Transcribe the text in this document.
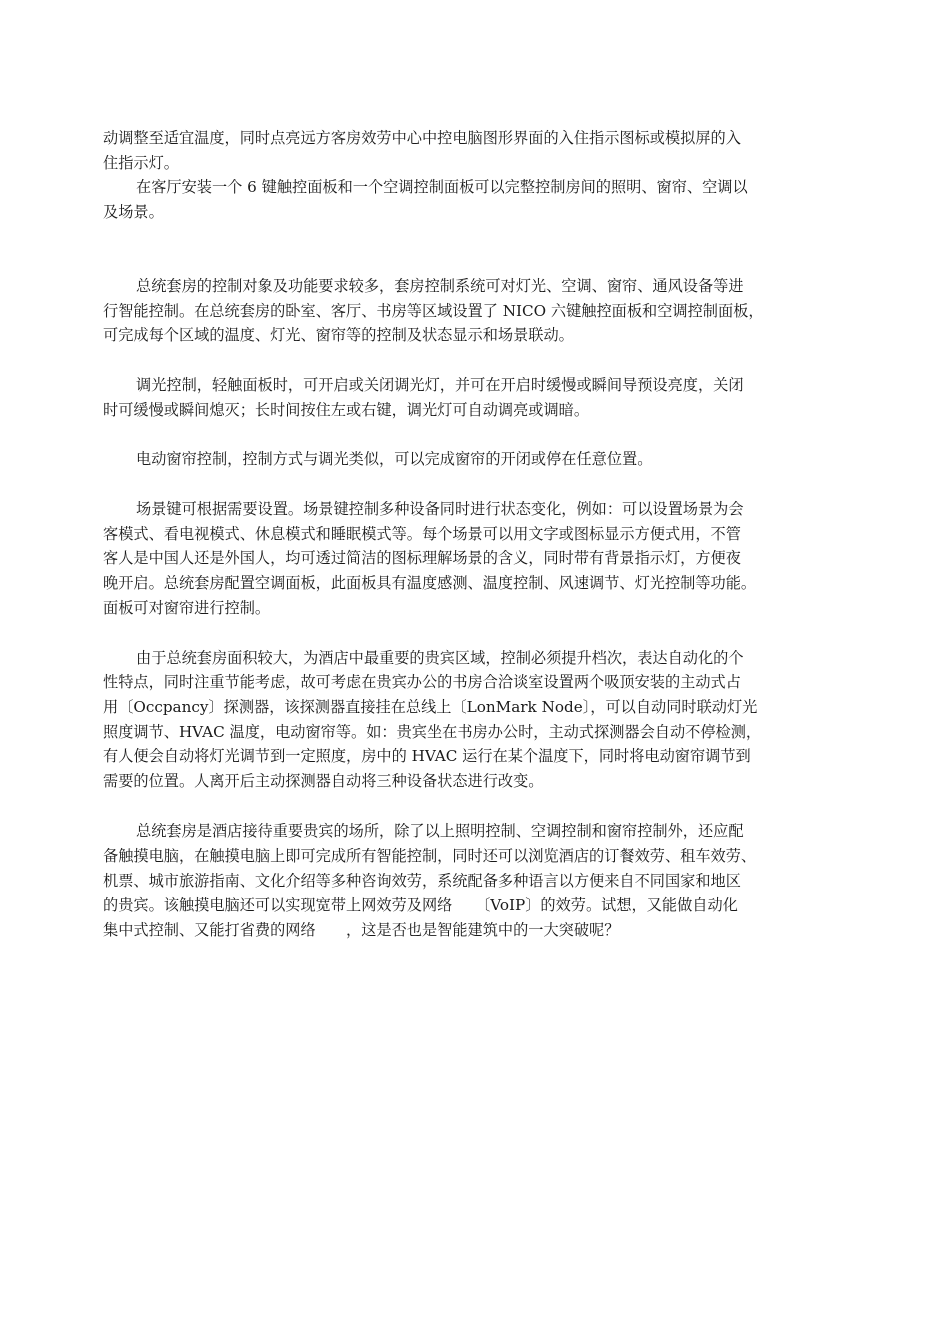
动调整至适宜温度，同时点亮远方客房效劳中心中控电脑图形界面的入住指示图标或模拟屏的入
住指示灯。
在客厅安装一个 6 键触控面板和一个空调控制面板可以完整控制房间的照明、窗帘、空调以
及场景。
总统套房的控制对象及功能要求较多，套房控制系统可对灯光、空调、窗帘、通风设备等进
行智能控制。在总统套房的卧室、客厅、书房等区域设置了 NICO 六键触控面板和空调控制面板，
可完成每个区域的温度、灯光、窗帘等的控制及状态显示和场景联动。
调光控制，轻触面板时，可开启或关闭调光灯，并可在开启时缓慢或瞬间导预设亮度，关闭
时可缓慢或瞬间熄灭；长时间按住左或右键，调光灯可自动调亮或调暗。
电动窗帘控制，控制方式与调光类似，可以完成窗帘的开闭或停在任意位置。
场景键可根据需要设置。场景键控制多种设备同时进行状态变化，例如：可以设置场景为会
客模式、看电视模式、休息模式和睡眠模式等。每个场景可以用文字或图标显示方便式用，不管
客人是中国人还是外国人，均可透过简洁的图标理解场景的含义，同时带有背景指示灯，方便夜
晚开启。总统套房配置空调面板，此面板具有温度感测、温度控制、风速调节、灯光控制等功能。
面板可对窗帘进行控制。
由于总统套房面积较大，为酒店中最重要的贵宾区域，控制必须提升档次，表达自动化的个
性特点，同时注重节能考虑，故可考虑在贵宾办公的书房合洽谈室设置两个吸顶安装的主动式占
用〔Occpancy〕探测器，该探测器直接挂在总线上〔LonMark Node〕，可以自动同时联动灯光
照度调节、HVAC 温度，电动窗帘等。如：贵宾坐在书房办公时，主动式探测器会自动不停检测，
有人便会自动将灯光调节到一定照度，房中的 HVAC 运行在某个温度下，同时将电动窗帘调节到
需要的位置。人离开后主动探测器自动将三种设备状态进行改变。
总统套房是酒店接待重要贵宾的场所，除了以上照明控制、空调控制和窗帘控制外，还应配
备触摸电脑，在触摸电脑上即可完成所有智能控制，同时还可以浏览酒店的订餐效劳、租车效劳、
机票、城市旅游指南、文化介绍等多种咨询效劳，系统配备多种语言以方便来自不同国家和地区
的贵宾。该触摸电脑还可以实现宽带上网效劳及网络　　〔VoIP〕的效劳。试想，又能做自动化
集中式控制、又能打省费的网络　　，这是否也是智能建筑中的一大突破呢？
